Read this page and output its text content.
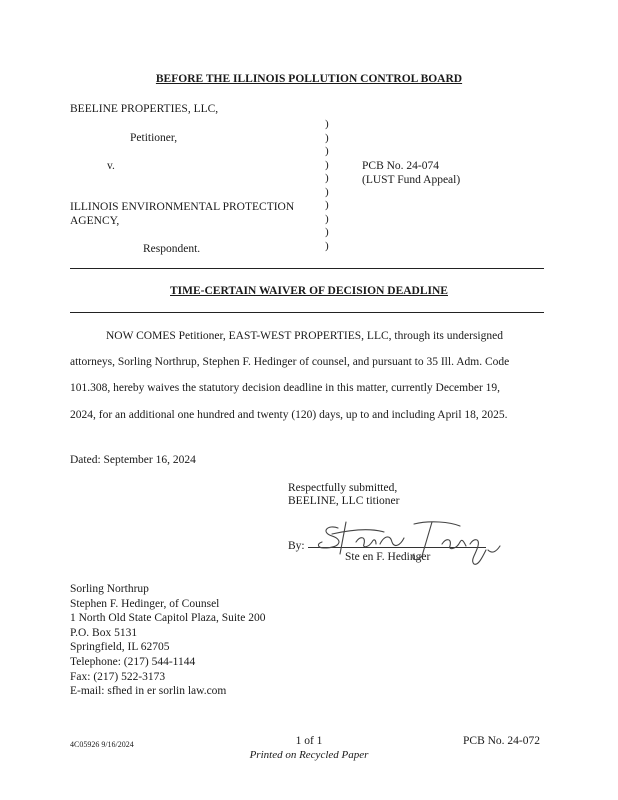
BEFORE THE ILLINOIS POLLUTION CONTROL BOARD
BEELINE PROPERTIES, LLC,
Petitioner,
v.
ILLINOIS ENVIRONMENTAL PROTECTION
AGENCY,
Respondent.
)
)
)
)
)
)
)
)
)
)
PCB No. 24-074
(LUST Fund Appeal)
TIME-CERTAIN WAIVER OF DECISION DEADLINE
NOW COMES Petitioner, EAST-WEST PROPERTIES, LLC, through its undersigned
attorneys, Sorling Northrup, Stephen F. Hedinger of counsel, and pursuant to 35 Ill. Adm. Code
101.308, hereby waives the statutory decision deadline in this matter, currently December 19,
2024, for an additional one hundred and twenty (120) days, up to and including April 18, 2025.
Dated: September 16, 2024
Respectfully submitted,
BEELINE, LLC titioner
By:
Ste en F. Hedinger
Sorling Northrup
Stephen F. Hedinger, of Counsel
1 North Old State Capitol Plaza, Suite 200
P.O. Box 5131
Springfield, IL 62705
Telephone: (217) 544-1144
Fax: (217) 522-3173
E-mail: sfhed in er sorlin law.com
4C05926 9/16/2024	1 of 1
Printed on Recycled Paper
PCB No. 24-072
